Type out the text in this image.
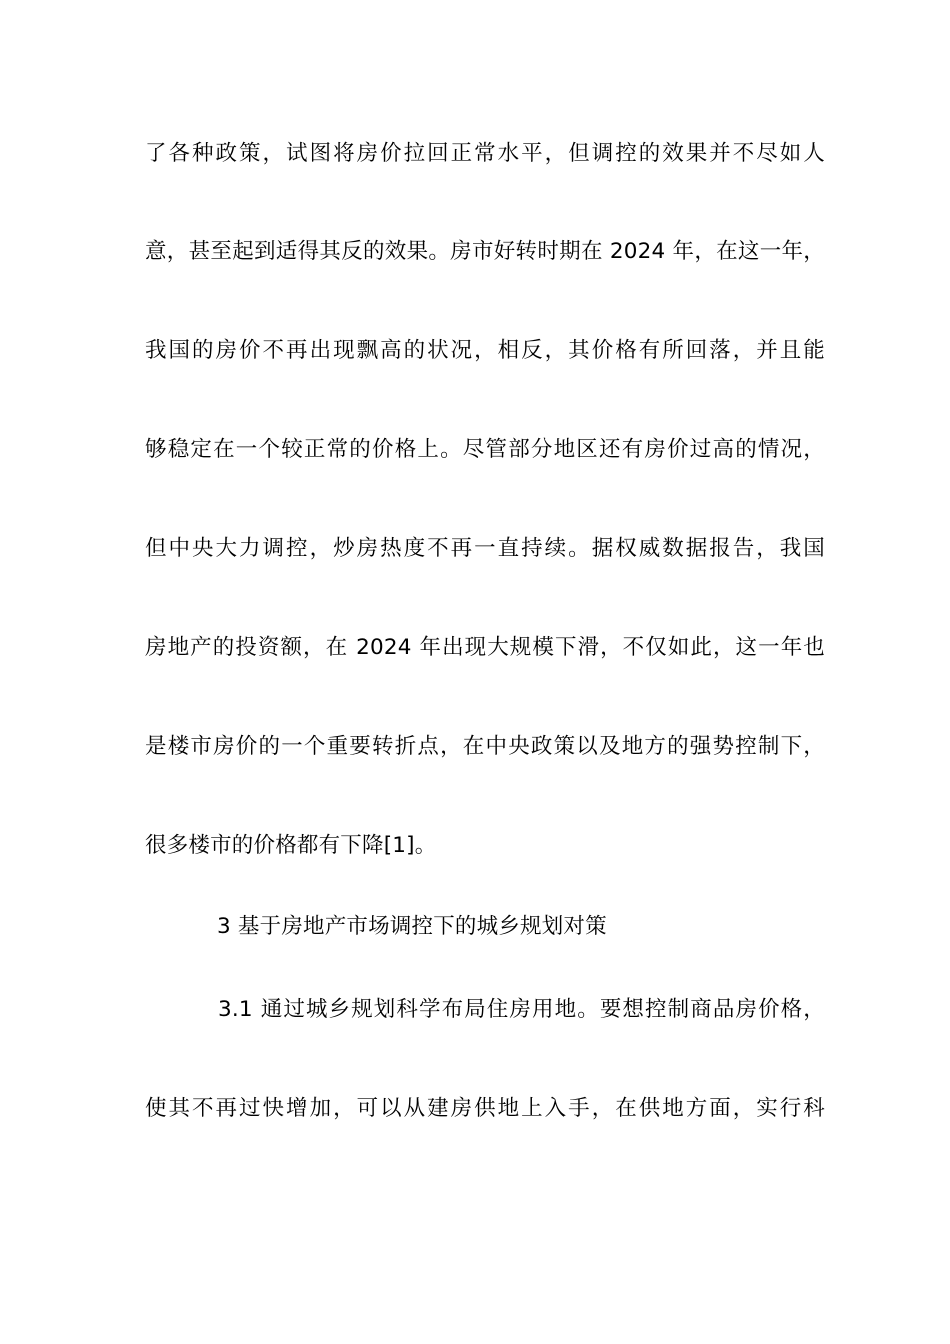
了各种政策，试图将房价拉回正常水平，但调控的效果并不尽如人
意，甚至起到适得其反的效果。房市好转时期在 2024 年，在这一年，
我国的房价不再出现飘高的状况，相反，其价格有所回落，并且能
够稳定在一个较正常的价格上。尽管部分地区还有房价过高的情况，
但中央大力调控，炒房热度不再一直持续。据权威数据报告，我国
房地产的投资额，在 2024 年出现大规模下滑，不仅如此，这一年也
是楼市房价的一个重要转折点，在中央政策以及地方的强势控制下，
很多楼市的价格都有下降[1]。
3 基于房地产市场调控下的城乡规划对策
3.1 通过城乡规划科学布局住房用地。要想控制商品房价格，
使其不再过快增加，可以从建房供地上入手，在供地方面，实行科
